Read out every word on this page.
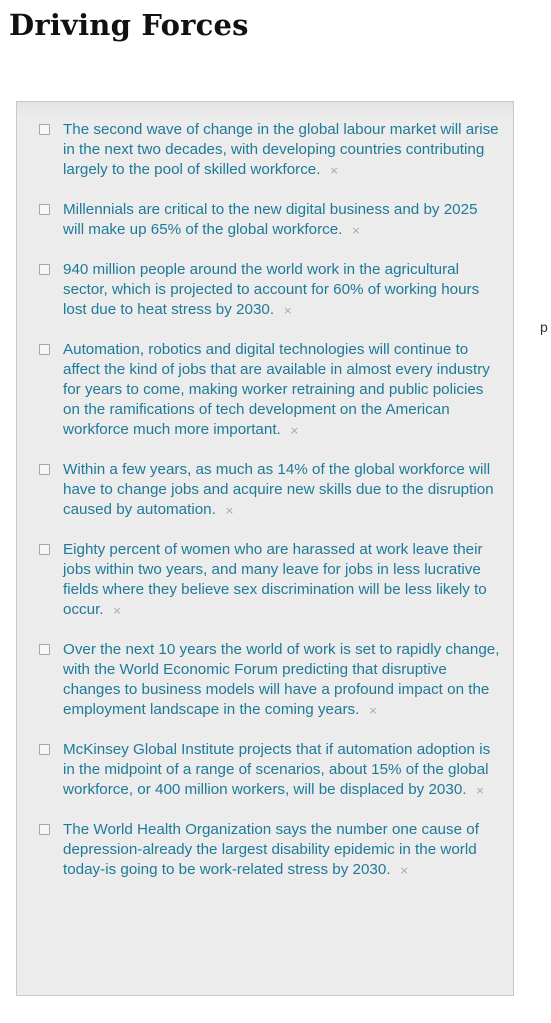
Driving Forces
p
The second wave of change in the global labour market will arise in the next two decades, with developing countries contributing largely to the pool of skilled workforce. ×
Millennials are critical to the new digital business and by 2025 will make up 65% of the global workforce. ×
940 million people around the world work in the agricultural sector, which is projected to account for 60% of working hours lost due to heat stress by 2030. ×
Automation, robotics and digital technologies will continue to affect the kind of jobs that are available in almost every industry for years to come, making worker retraining and public policies on the ramifications of tech development on the American workforce much more important. ×
Within a few years, as much as 14% of the global workforce will have to change jobs and acquire new skills due to the disruption caused by automation. ×
Eighty percent of women who are harassed at work leave their jobs within two years, and many leave for jobs in less lucrative fields where they believe sex discrimination will be less likely to occur. ×
Over the next 10 years the world of work is set to rapidly change, with the World Economic Forum predicting that disruptive changes to business models will have a profound impact on the employment landscape in the coming years. ×
McKinsey Global Institute projects that if automation adoption is in the midpoint of a range of scenarios, about 15% of the global workforce, or 400 million workers, will be displaced by 2030. ×
The World Health Organization says the number one cause of depression-already the largest disability epidemic in the world today-is going to be work-related stress by 2030. ×
